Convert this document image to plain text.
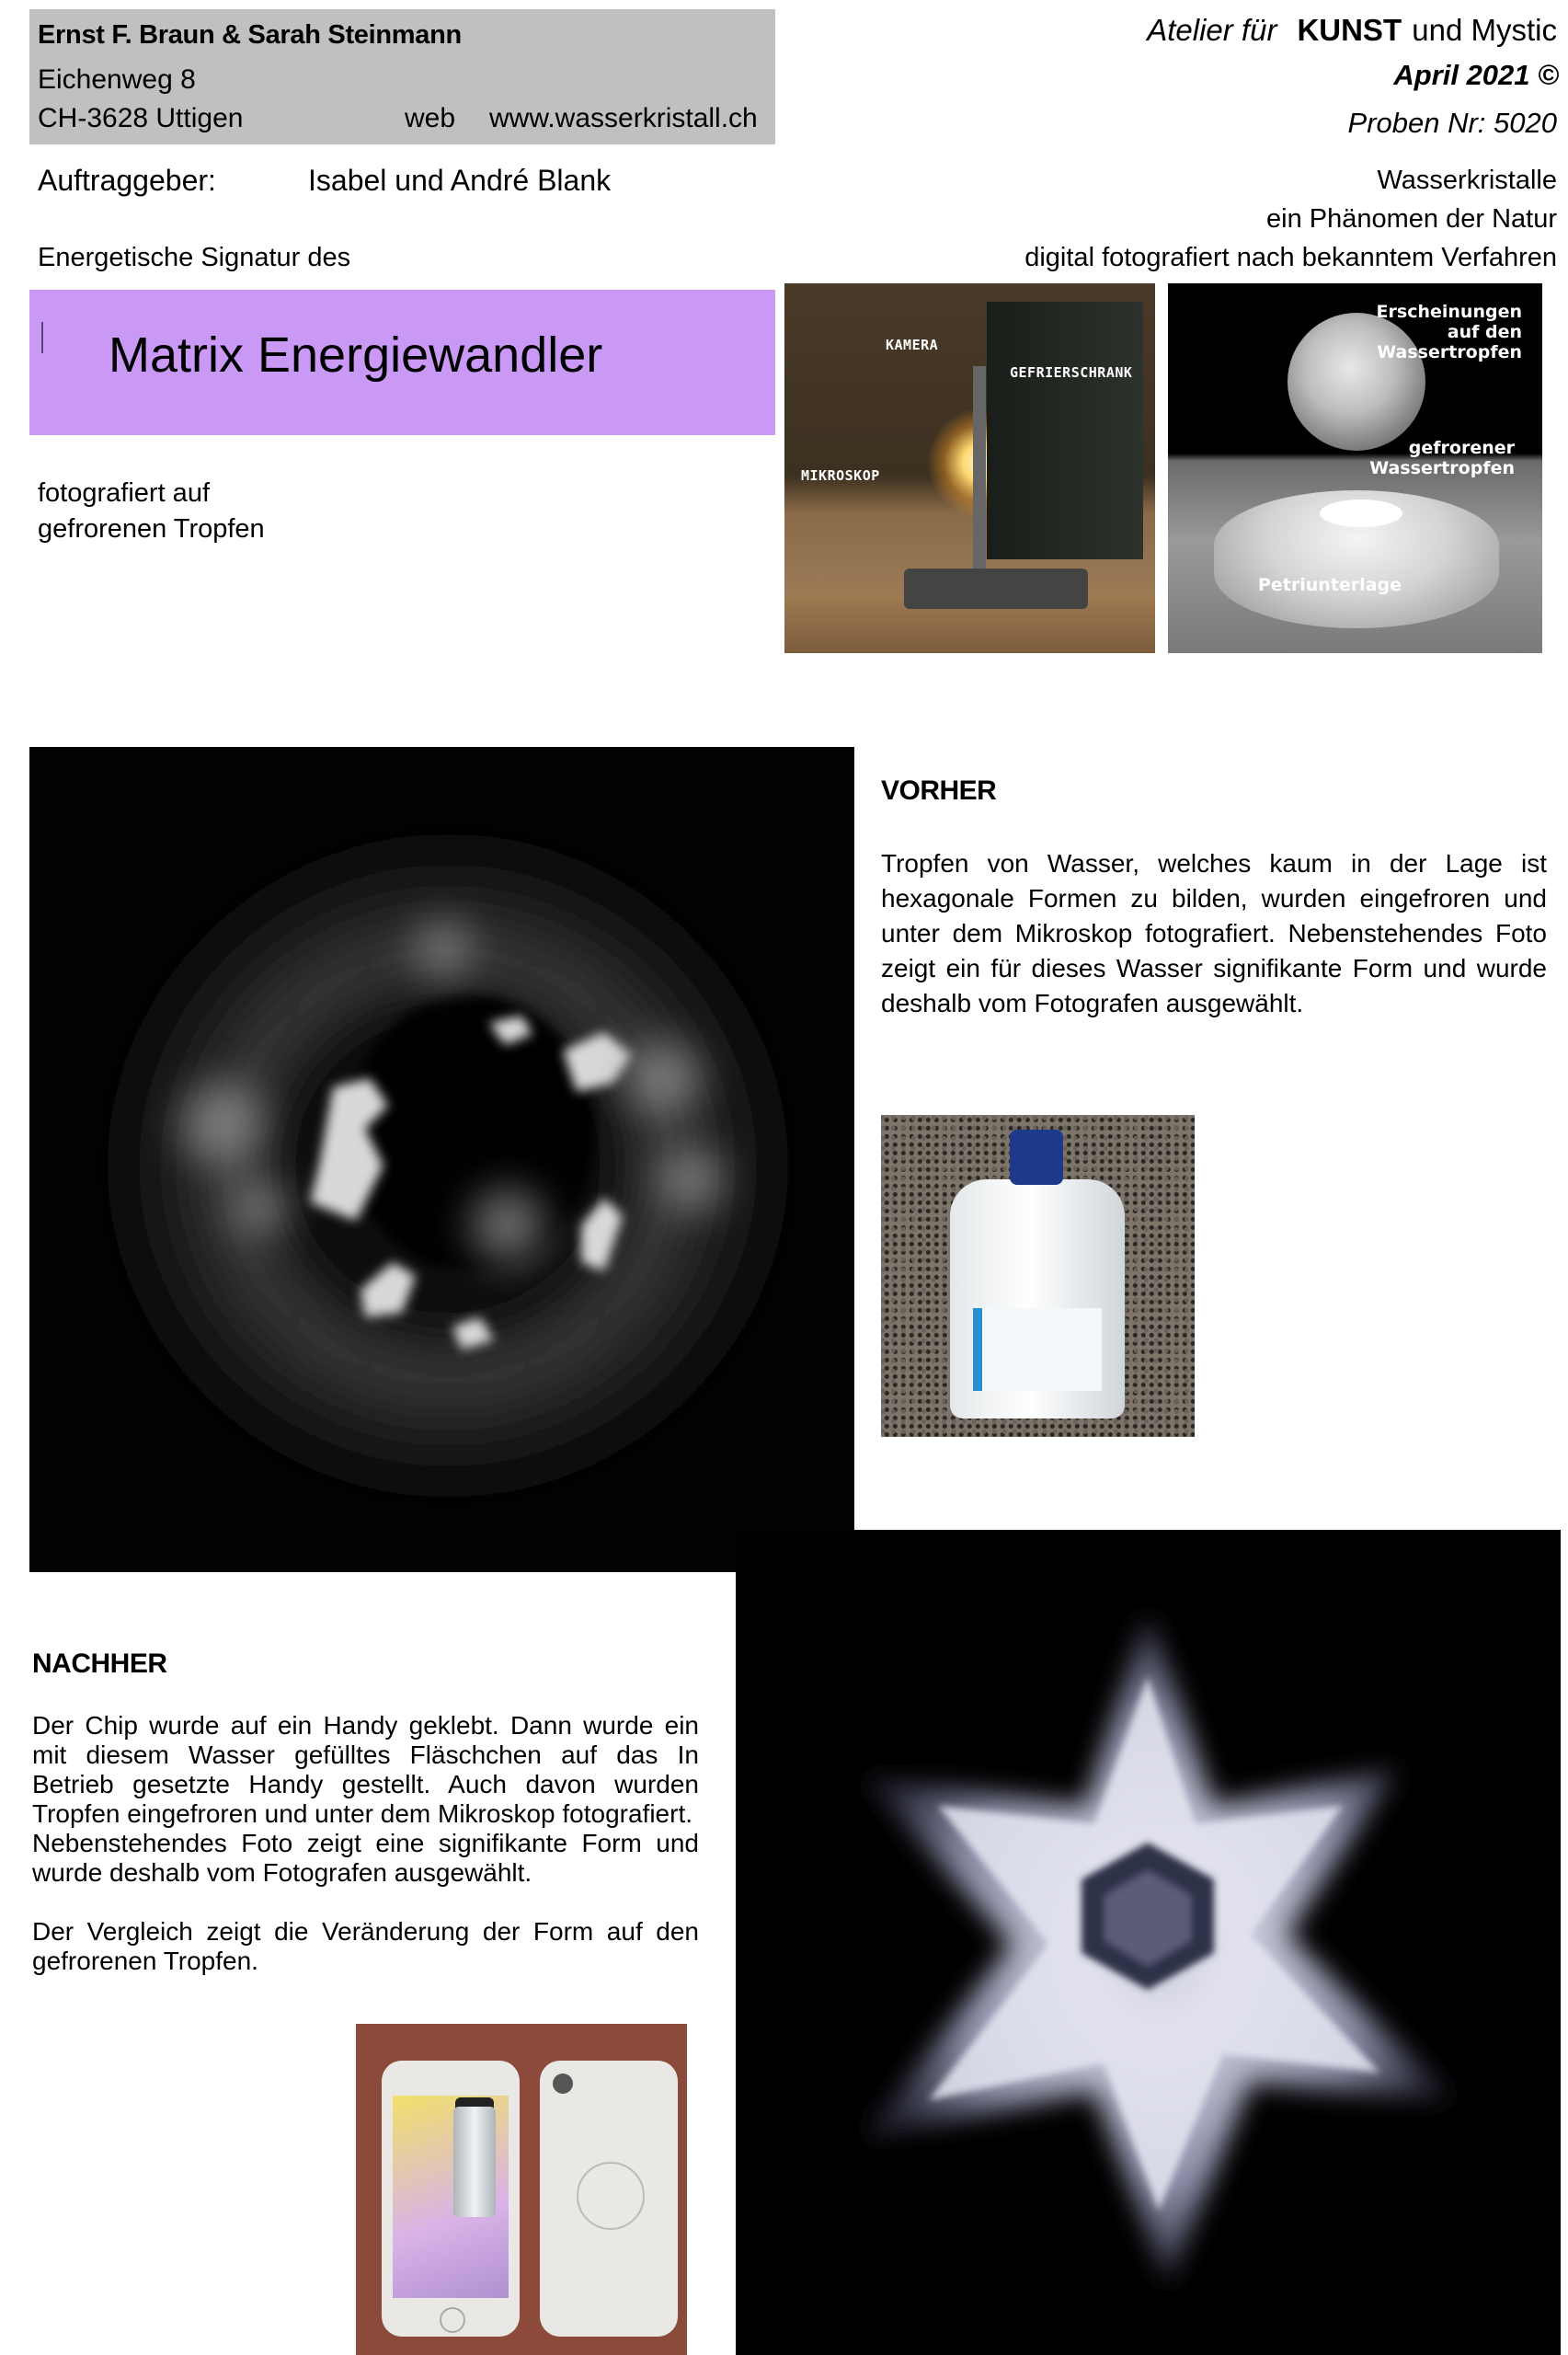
Ernst F. Braun & Sarah Steinmann
Eichenweg 8
CH-3628 Uttigen	web www.wasserkristall.ch
Atelier für KUNST und Mystic
April 2021 ©
Proben Nr: 5020
Auftraggeber:	Isabel und André Blank	Wasserkristalle
ein Phänomen der Natur
digital fotografiert nach bekanntem Verfahren
Energetische Signatur des
Matrix Energiewandler
fotografiert auf
gefrorenen Tropfen
KAMERA
GEFRIERSCHRANK
MIKROSKOP
Erscheinungen
auf den
Wassertropfen
gefrorener
Wassertropfen
Petriunterlage
VORHER
Tropfen von Wasser, welches kaum in der Lage ist hexagonale Formen zu bilden, wurden eingefroren und unter dem Mikroskop fotografiert. Nebenstehendes Foto zeigt ein für dieses Wasser signifikante Form und wurde deshalb vom Fotografen ausgewählt.
NACHHER

Der Chip wurde auf ein Handy geklebt. Dann wurde ein mit diesem Wasser gefülltes Fläschchen auf das In Betrieb gesetzte Handy gestellt. Auch davon wurden Tropfen eingefroren und unter dem Mikroskop fotografiert.

Nebenstehendes Foto zeigt eine signifikante Form und wurde deshalb vom Fotografen ausgewählt.

Der Vergleich zeigt die Veränderung der Form auf den gefrorenen Tropfen.
